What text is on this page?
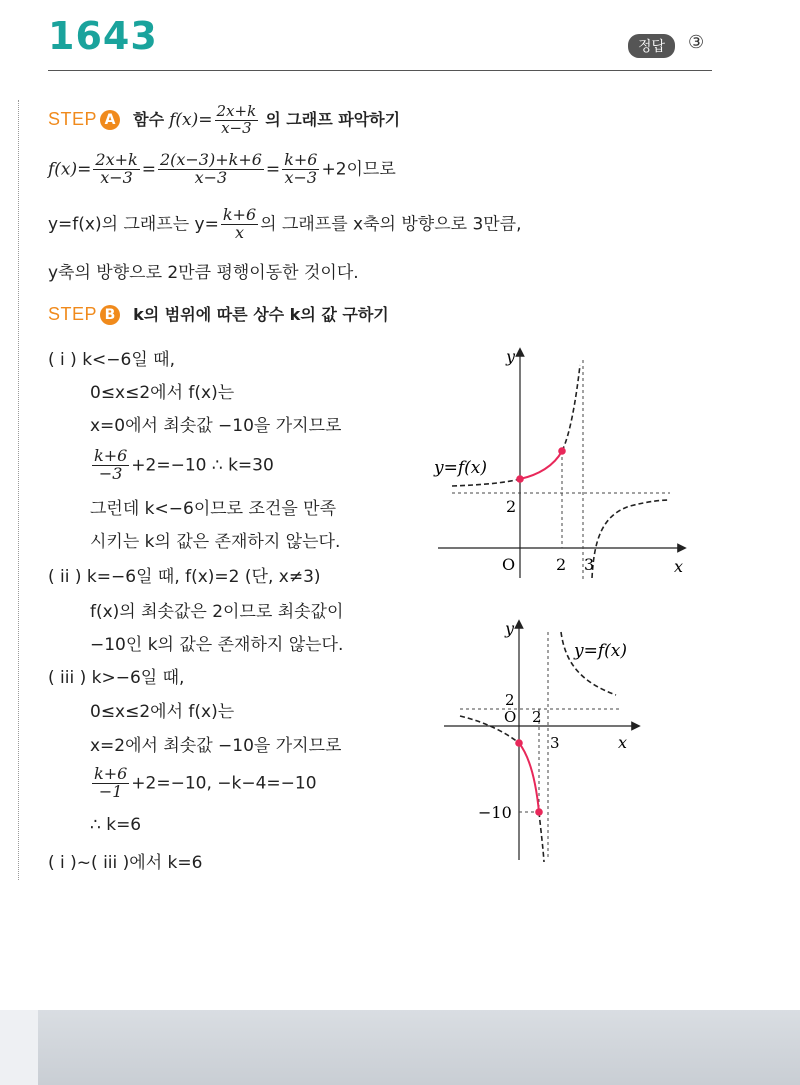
1643	정답	③
STEP A 함수 $f(x)= \frac{2x+k}{x-3}$ 의 그래프 파악하기
$f(x)= \frac{2x+k}{x-3} = \frac{2(x-3)+k+6}{x-3} = \frac{k+6}{x-3} +2$이므로
y=f(x)의 그래프는 $y= \frac{k+6}{x}$ 의 그래프를 x축의 방향으로 3만큼,
y축의 방향으로 2만큼 평행이동한 것이다.
STEP B k의 범위에 따른 상수 k의 값 구하기
( i ) k<−6일 때,
0≤x≤2에서 f(x)는
x=0에서 최솟값 −10을 가지므로
$\frac{k+6}{-3} +2=-10$ ∴ k=30
그런데 k<−6이므로 조건을 만족
시키는 k의 값은 존재하지 않는다.
( ii ) k=−6일 때, f(x)=2 (단, x≠3)
f(x)의 최솟값은 2이므로 최솟값이
−10인 k의 값은 존재하지 않는다.
( iii ) k>−6일 때,
0≤x≤2에서 f(x)는
x=2에서 최솟값 −10을 가지므로
$\frac{k+6}{-1} +2=-10$, −k−4=−10
∴ k=6
( i )~( iii )에서 k=6
y
x
O
y=f(x)
2
2 3
y
x
O
y=f(x)
2
2
3
−10
